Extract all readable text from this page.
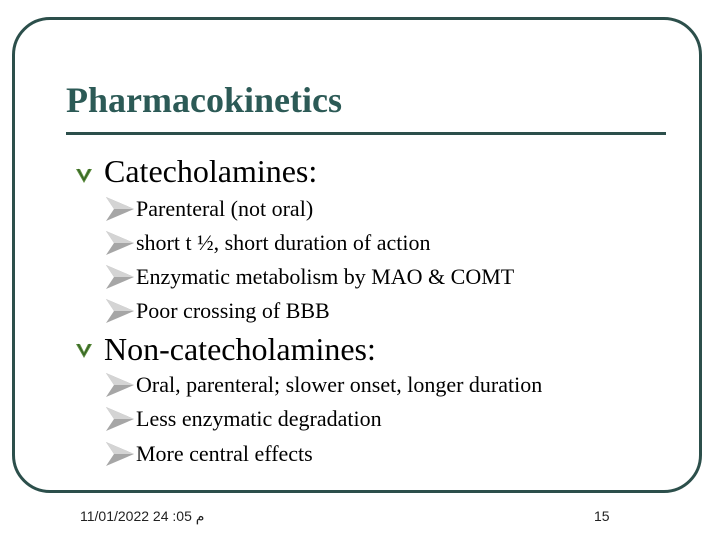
Pharmacokinetics
Catecholamines:
Parenteral (not oral)
short t ½, short duration of action
Enzymatic metabolism by MAO & COMT
Poor crossing of BBB
Non-catecholamines:
Oral, parenteral; slower onset, longer duration
Less enzymatic degradation
More central effects
م 05: 24 11/01/2022	15
